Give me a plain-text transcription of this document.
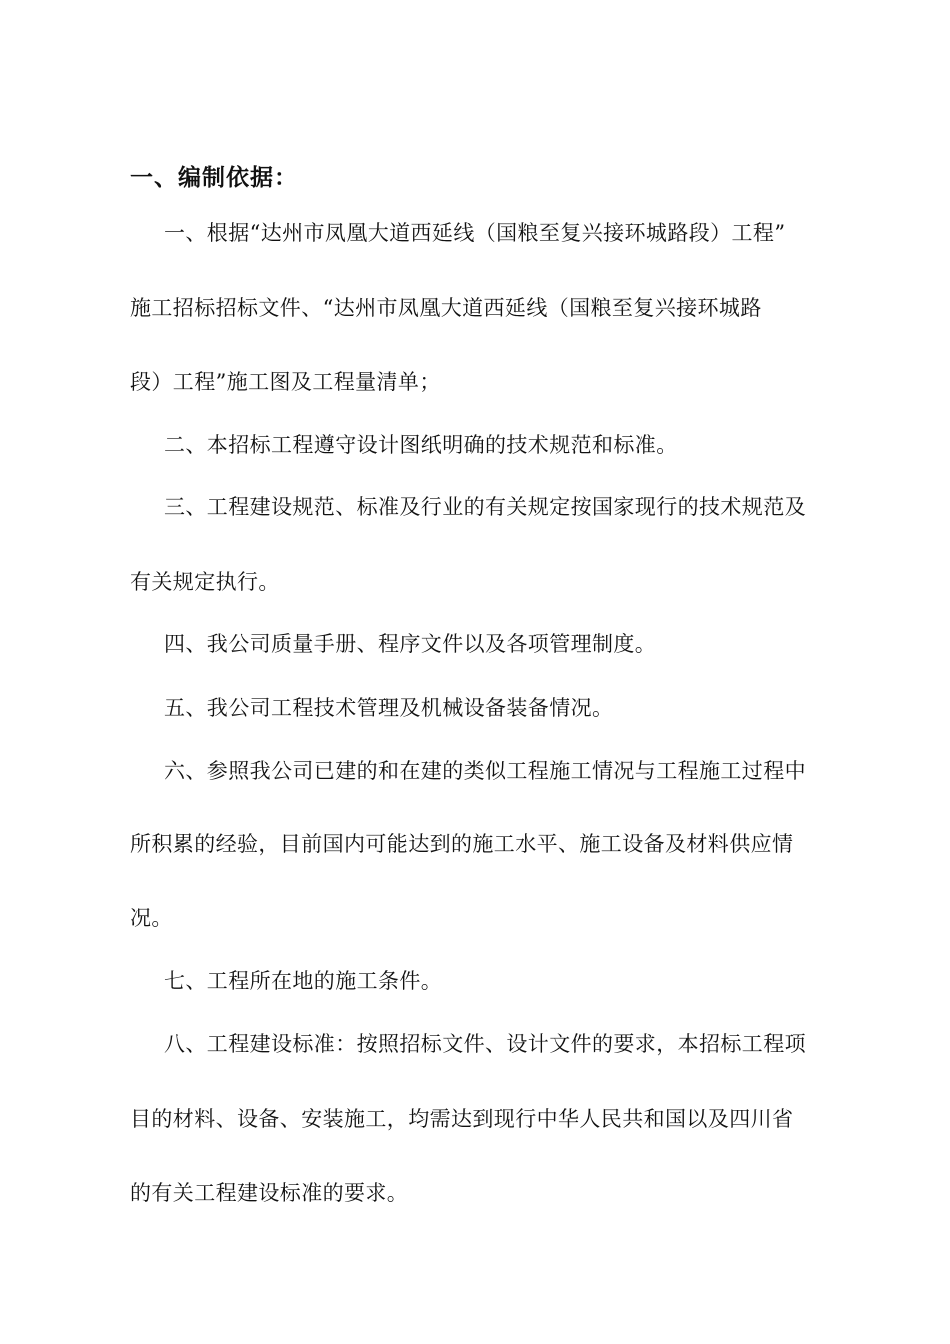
一、编制依据：
一、根据“达州市凤凰大道西延线（国粮至复兴接环城路段）工程”
施工招标招标文件、“达州市凤凰大道西延线（国粮至复兴接环城路
段）工程”施工图及工程量清单；
二、本招标工程遵守设计图纸明确的技术规范和标准。
三、工程建设规范、标准及行业的有关规定按国家现行的技术规范及
有关规定执行。
四、我公司质量手册、程序文件以及各项管理制度。
五、我公司工程技术管理及机械设备装备情况。
六、参照我公司已建的和在建的类似工程施工情况与工程施工过程中
所积累的经验，目前国内可能达到的施工水平、施工设备及材料供应情
况。
七、工程所在地的施工条件。
八、工程建设标准：按照招标文件、设计文件的要求，本招标工程项
目的材料、设备、安装施工，均需达到现行中华人民共和国以及四川省
的有关工程建设标准的要求。
